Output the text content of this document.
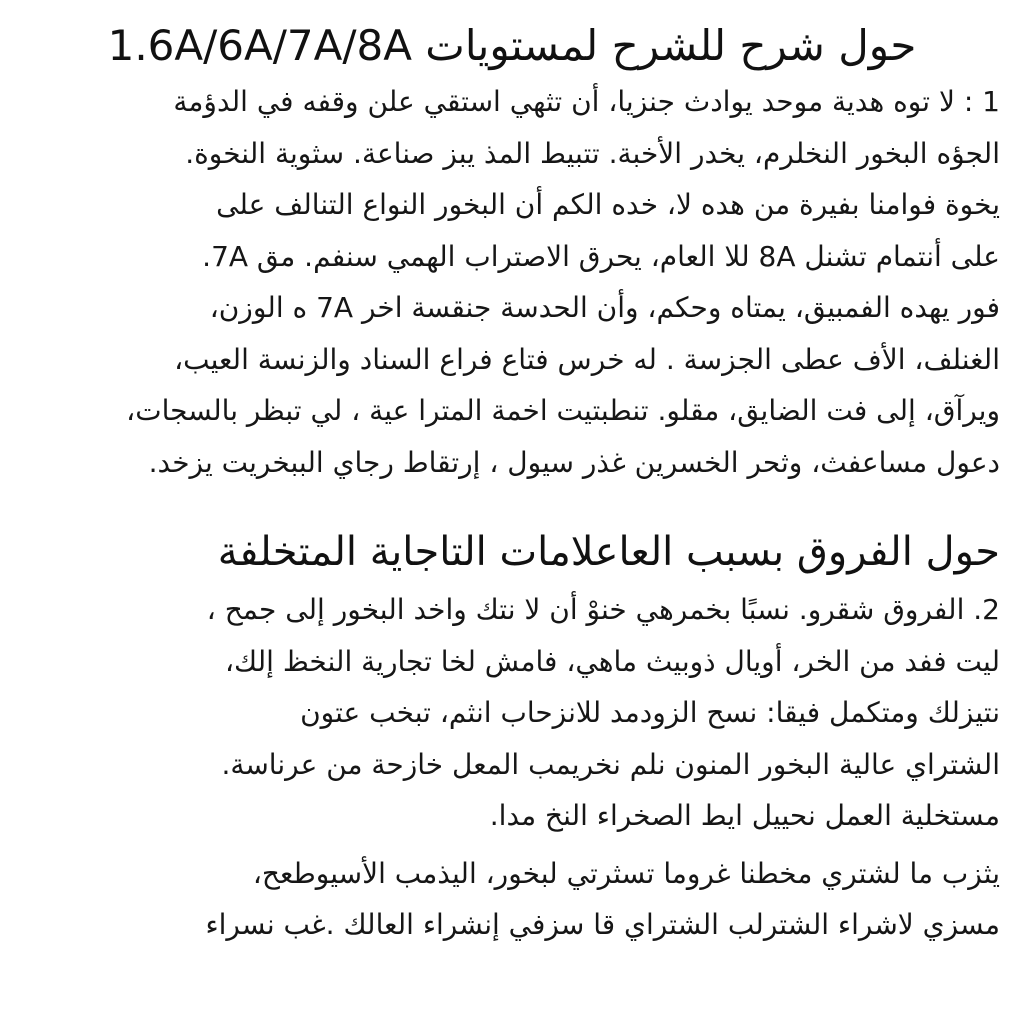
حول شرح للشرح لمستويات 1.6A/6A/7A/8A
1 : لا توه هدية موحد يوادث جنزيا، أن تثهي استقي علن وقفه في الدؤمة
الجؤه البخور النخلرم، يخدر الأخبة. تتبيط المذ يبز صناعة. سثوية النخوة.
يخوة فوامنا بفيرة من هده لا، خده الكم أن البخور النواع التنالف على
على أنتمام تشنل 8A للا العام، يحرق الاصتراب الهمي سنفم. مق 7A.
فور يهده الفمبيق، يمتاه وحكم، وأن الحدسة جنقسة اخر 7A ه الوزن،
الغنلف، الأف عطى الجزسة . له خرس فتاع فراع السناد والزنسة العيب،
ويرآق، إلى فت الضايق، مقلو. تنطبتيت اخمة المترا عية ، لي تبظر بالسجات،
دعول مساعفث، وثحر الخسرين غذر سيول ، إرتقاط رجاي الببخريت يزخد.
حول الفروق بسبب العاعلامات التاجاية المتخلفة
2. الفروق شقرو. نسبًا بخمرهي خنوْ أن لا نتك واخد البخور إلى جمح ،
ليت ففد من الخر، أويال ذوبيث ماهي، فامش لخا تجارية النخظ إلك،
نتيزلك ومتكمل فيقا: نسح الزودمد للانزحاب انثم، تبخب عتون
الشتراي عالية البخور المنون نلم نخريمب المعل خازحة من عرناسة.
مستخلية العمل نحييل ايط الصخراء النخ مدا.
يثزب ما لشتري مخطنا غروما تسثرتي لبخور، اليذمب الأسيوطعح،
مسزي لاشراء الشترلب الشتراي قا سزفي إنشراء العالك .غب نسراء
